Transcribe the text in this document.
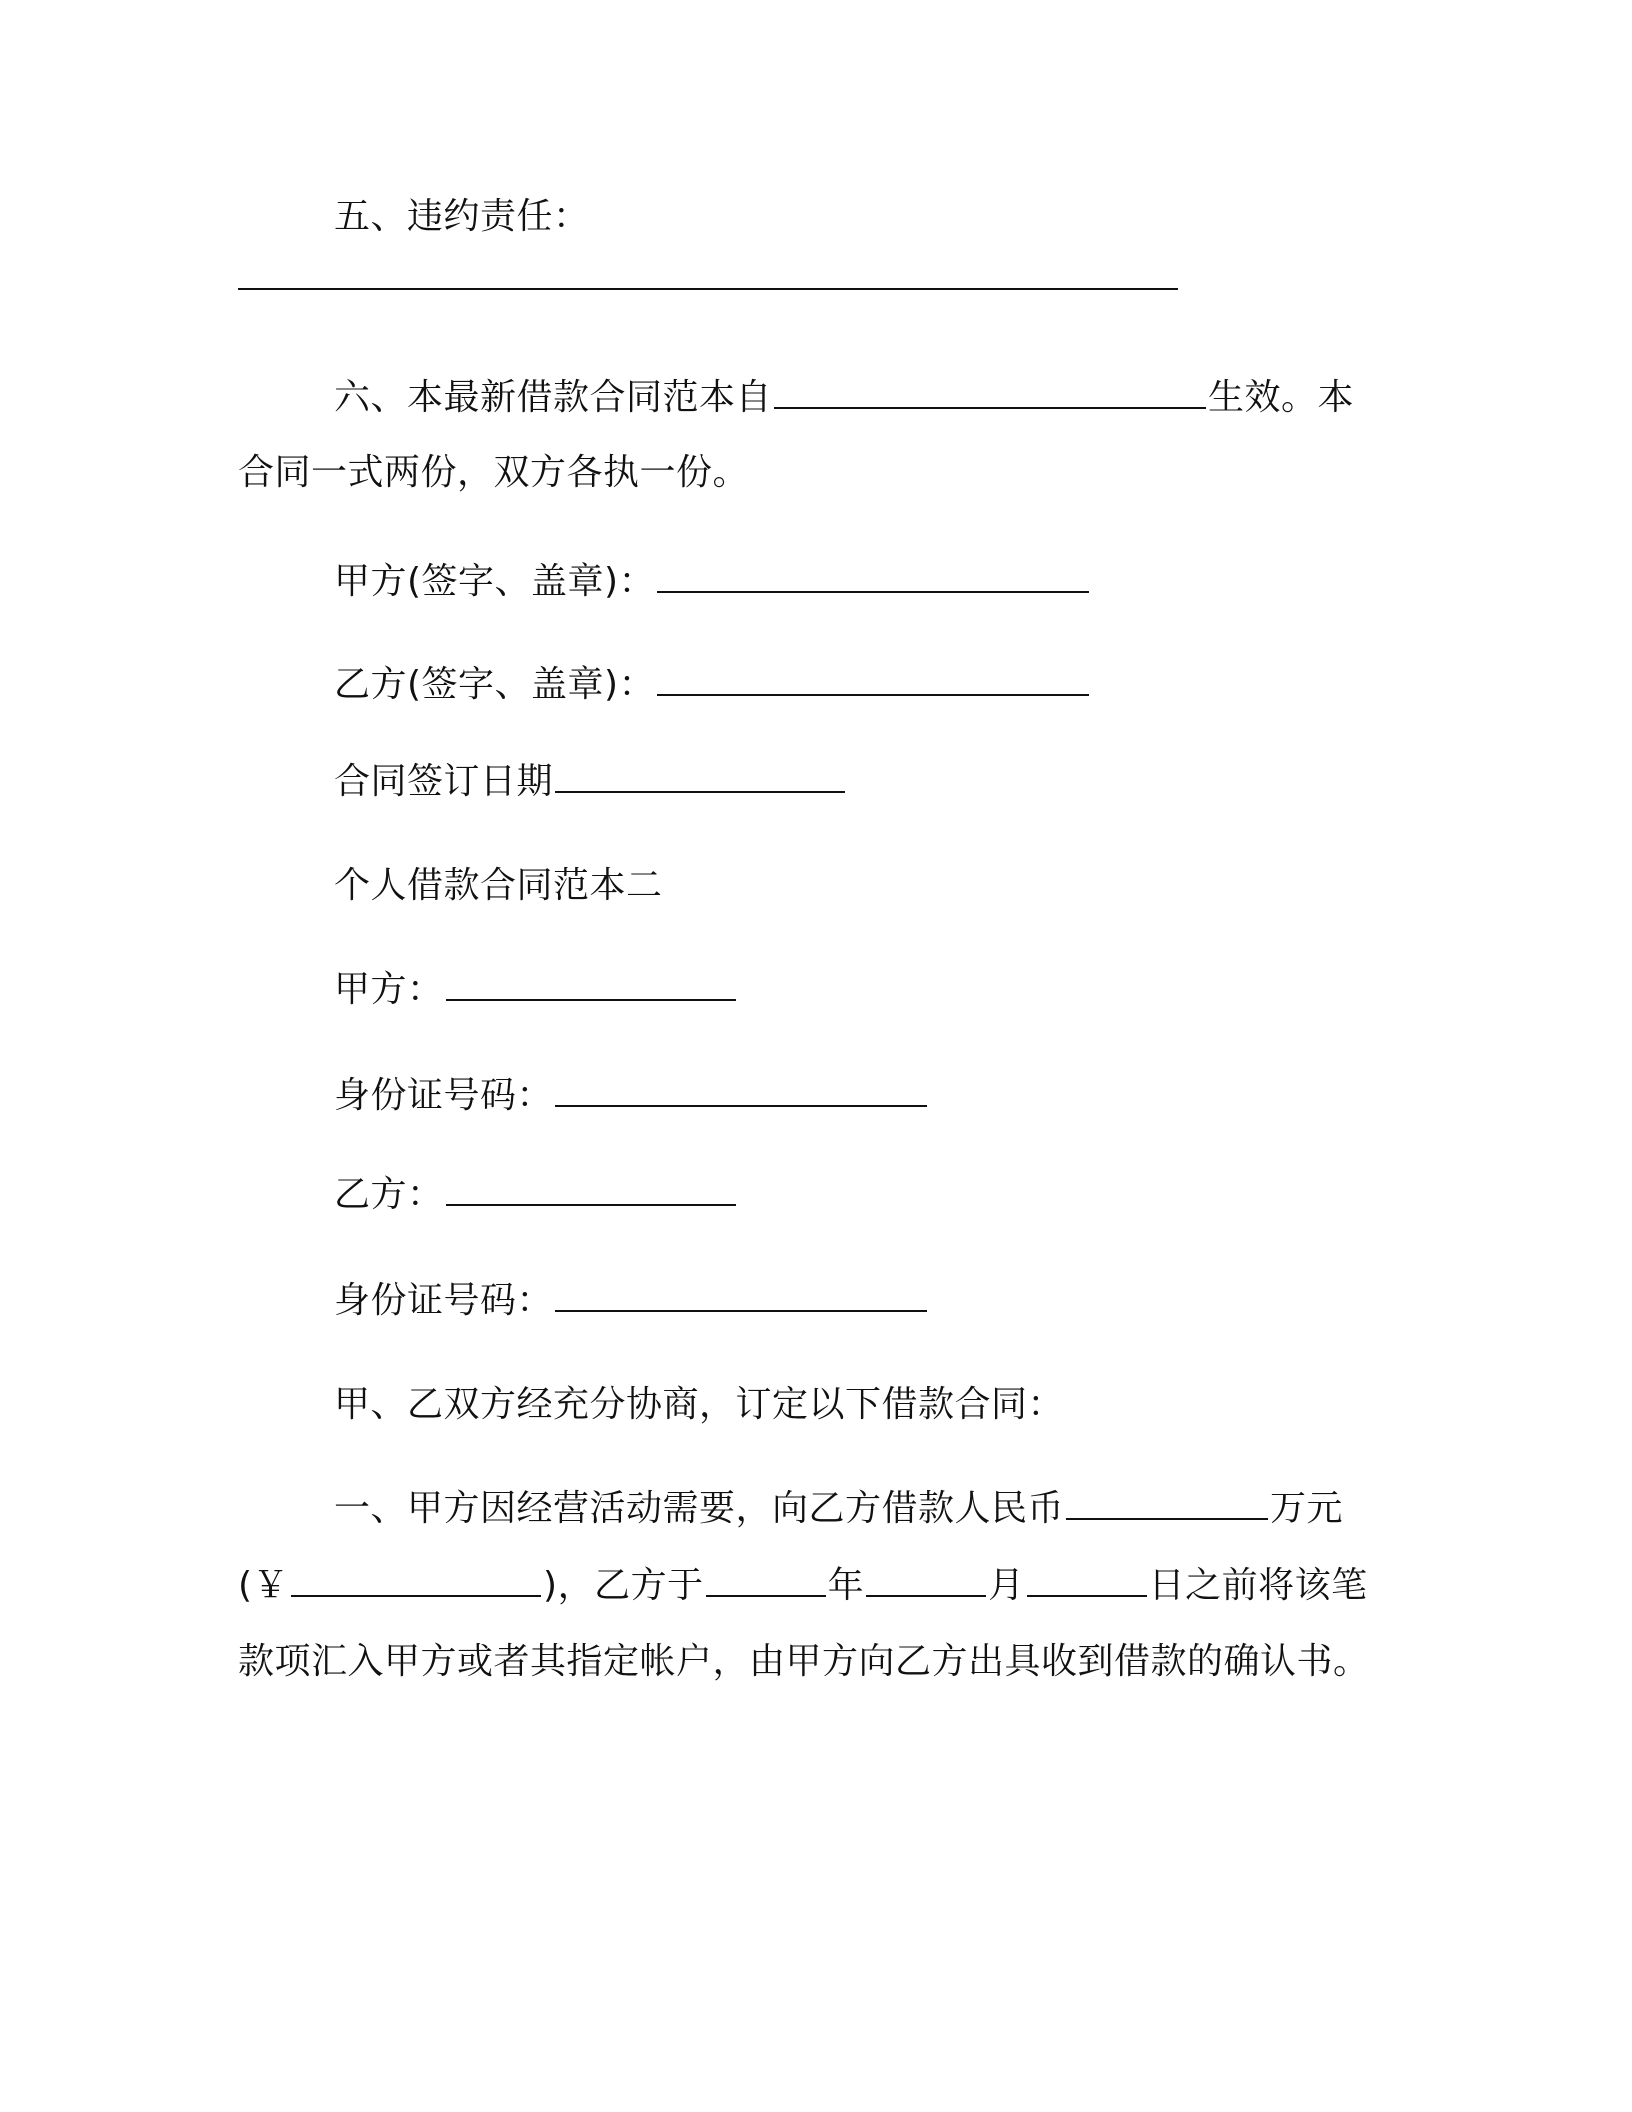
五、违约责任：
六、本最新借款合同范本自	生效。本
合同一式两份，双方各执一份。
甲方(签字、盖章)：
乙方(签字、盖章)：
合同签订日期
个人借款合同范本二
甲方：
身份证号码：
乙方：
身份证号码：
甲、乙双方经充分协商，订定以下借款合同：
一、甲方因经营活动需要，向乙方借款人民币	万元
(￥	)，乙方于	年	月	日之前将该笔
款项汇入甲方或者其指定帐户，由甲方向乙方出具收到借款的确认书。
